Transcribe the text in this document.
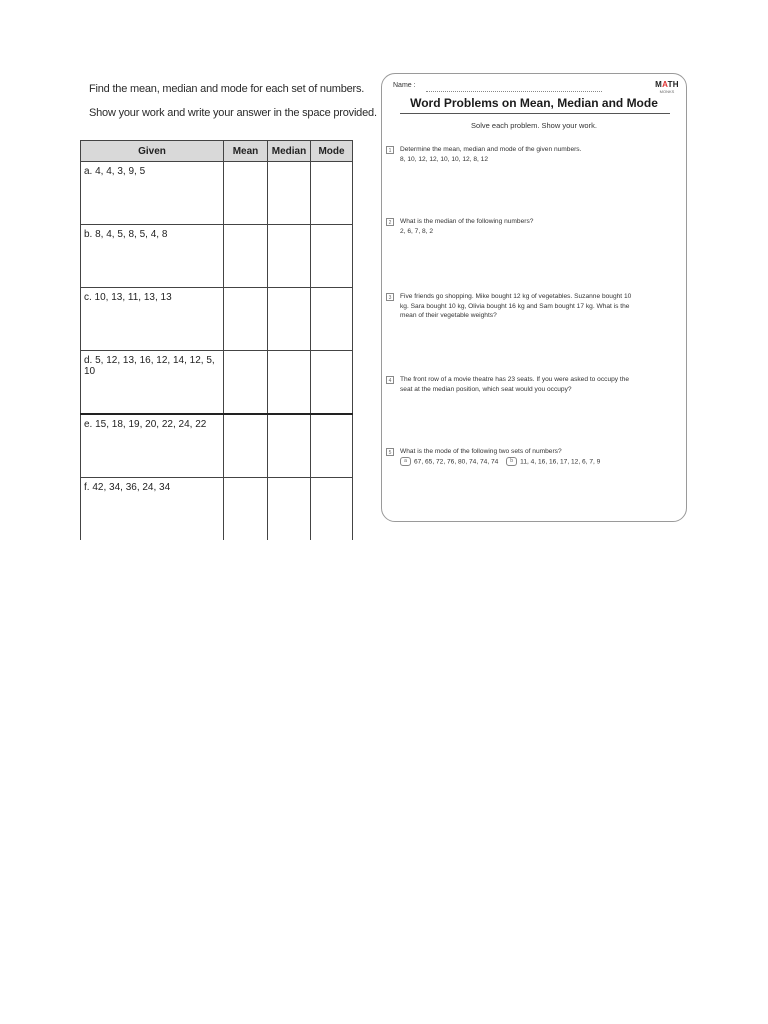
Find the mean, median and mode for each set of numbers.
Show your work and write your answer in the space provided.
Given	Mean	Median	Mode
a. 4, 4, 3, 9, 5			
b. 8, 4, 5, 8, 5, 4, 8			
c. 10, 13, 11, 13, 13			
d. 5, 12, 13, 16, 12, 14, 12, 5, 10			
e. 15, 18, 19, 20, 22, 24, 22			
f. 42, 34, 36, 24, 34			
Name :	MATH
MONKS
Word Problems on Mean, Median and Mode
Solve each problem. Show your work.
1	Determine the mean, median and mode of the given numbers.
8, 10, 12, 12, 10, 10, 12, 8, 12
2	What is the median of the following numbers?
2, 6, 7, 8, 2
3	Five friends go shopping. Mike bought 12 kg of vegetables. Suzanne bought 10
kg. Sara bought 10 kg, Olivia bought 16 kg and Sam bought 17 kg. What is the
mean of their vegetable weights?
4	The front row of a movie theatre has 23 seats. If you were asked to occupy the
seat at the median position, which seat would you occupy?
5	What is the mode of the following two sets of numbers?
a 67, 65, 72, 76, 80, 74, 74, 74 b 11, 4, 16, 16, 17, 12, 6, 7, 9
